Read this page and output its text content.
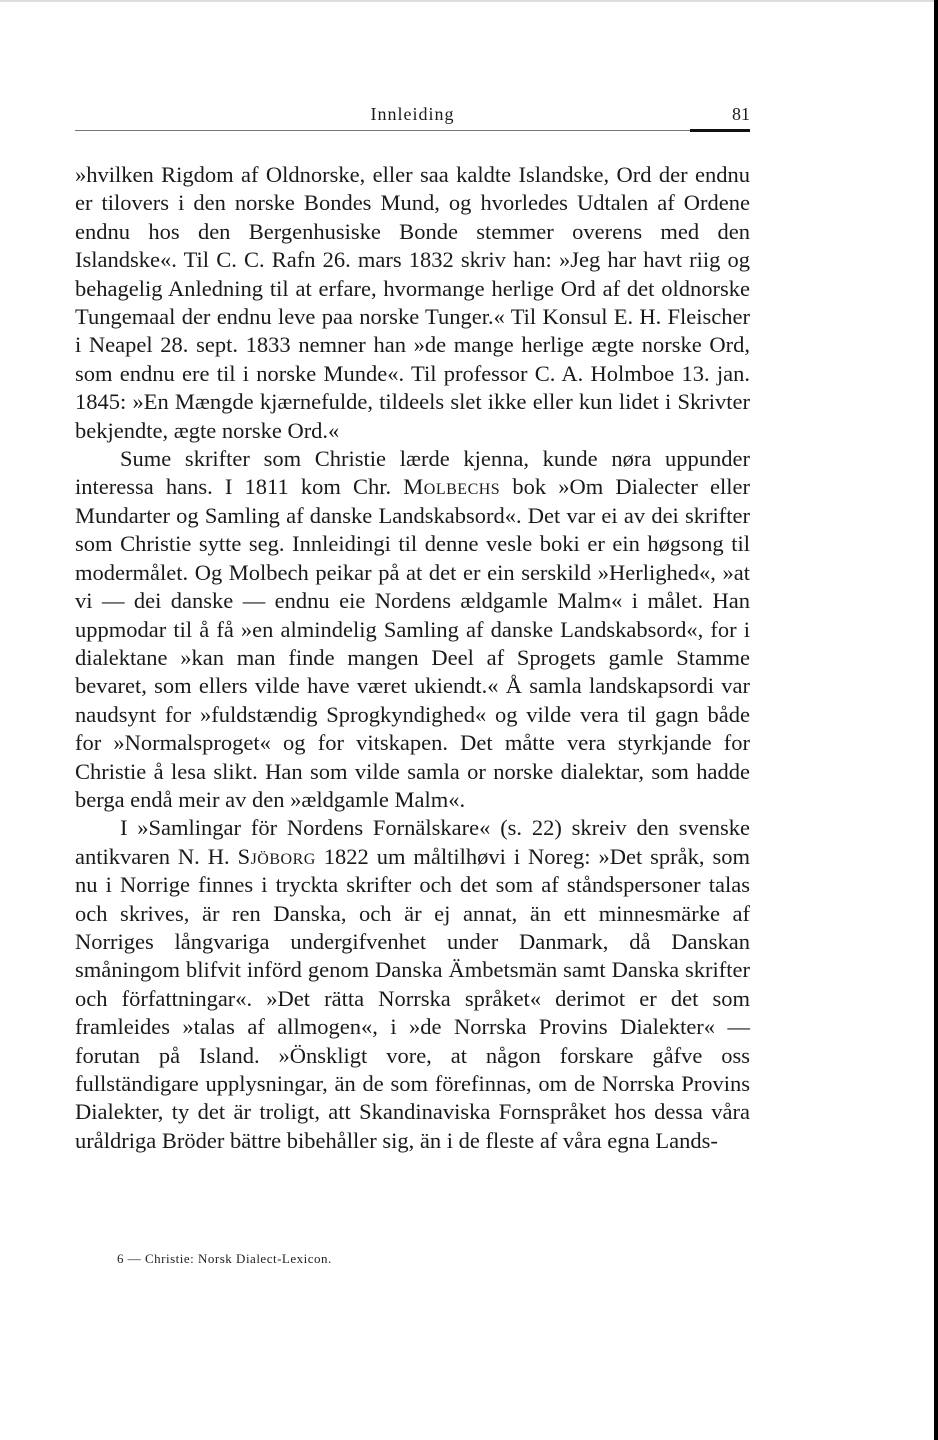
Innleiding	81

»hvilken Rigdom af Oldnorske, eller saa kaldte Islandske, Ord der endnu er tilovers i den norske Bondes Mund, og hvorledes Udtalen af Ordene endnu hos den Bergenhusiske Bonde stemmer overens med den Islandske«. Til C. C. Rafn 26. mars 1832 skriv han: »Jeg har havt riig og behagelig Anledning til at erfare, hvormange herlige Ord af det oldnorske Tungemaal der endnu leve paa norske Tunger.« Til Konsul E. H. Fleischer i Neapel 28. sept. 1833 nemner han »de mange herlige ægte norske Ord, som endnu ere til i norske Munde«. Til professor C. A. Holmboe 13. jan. 1845: »En Mængde kjærnefulde, tildeels slet ikke eller kun lidet i Skrivter bekjendte, ægte norske Ord.«

Sume skrifter som Christie lærde kjenna, kunde nøra uppunder interessa hans. I 1811 kom Chr. Molbechs bok »Om Dialecter eller Mundarter og Samling af danske Landskabsord«. Det var ei av dei skrifter som Christie sytte seg. Innleidingi til denne vesle boki er ein høgsong til modermålet. Og Molbech peikar på at det er ein serskild »Herlighed«, »at vi — dei danske — endnu eie Nordens ældgamle Malm« i målet. Han uppmodar til å få »en almindelig Samling af danske Landskabsord«, for i dialektane »kan man finde mangen Deel af Sprogets gamle Stamme bevaret, som ellers vilde have været ukiendt.« Å samla landskapsordi var naudsynt for »fuldstændig Sprogkyndighed« og vilde vera til gagn både for »Normalsproget« og for vitskapen. Det måtte vera styrkjande for Christie å lesa slikt. Han som vilde samla or norske dialektar, som hadde berga endå meir av den »ældgamle Malm«.

I »Samlingar för Nordens Fornälskare« (s. 22) skreiv den svenske antikvaren N. H. Sjöborg 1822 um måltilhøvi i Noreg: »Det språk, som nu i Norrige finnes i tryckta skrifter och det som af ståndspersoner talas och skrives, är ren Danska, och är ej annat, än ett minnesmärke af Norriges långvariga undergifvenhet under Danmark, då Danskan småningom blifvit införd genom Danska Ämbetsmän samt Danska skrifter och författningar«. »Det rätta Norrska språket« derimot er det som framleides »talas af allmogen«, i »de Norrska Provins Dialekter« — forutan på Island. »Önskligt vore, at någon forskare gåfve oss fullständigare upplysningar, än de som förefinnas, om de Norrska Provins Dialekter, ty det är troligt, att Skandinaviska Fornspråket hos dessa våra uråldriga Bröder bättre bibehåller sig, än i de fleste af våra egna Lands-

6 — Christie: Norsk Dialect-Lexicon.
